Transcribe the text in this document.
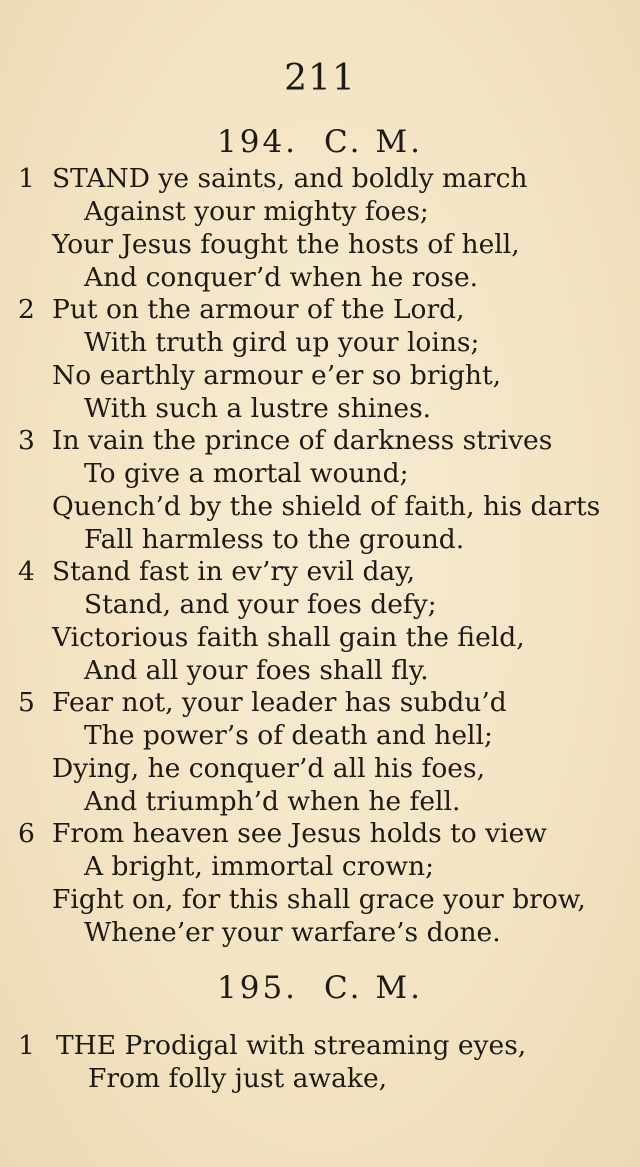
211
194. C. M.
1 STAND ye saints, and boldly march
Against your mighty foes;
Your Jesus fought the hosts of hell,
And conquer’d when he rose.
2 Put on the armour of the Lord,
With truth gird up your loins;
No earthly armour e’er so bright,
With such a lustre shines.
3 In vain the prince of darkness strives
To give a mortal wound;
Quench’d by the shield of faith, his darts
Fall harmless to the ground.
4 Stand fast in ev’ry evil day,
Stand, and your foes defy;
Victorious faith shall gain the field,
And all your foes shall fly.
5 Fear not, your leader has subdu’d
The power’s of death and hell;
Dying, he conquer’d all his foes,
And triumph’d when he fell.
6 From heaven see Jesus holds to view
A bright, immortal crown;
Fight on, for this shall grace your brow,
Whene’er your warfare’s done.
195. C. M.
1 THE Prodigal with streaming eyes,
From folly just awake,
